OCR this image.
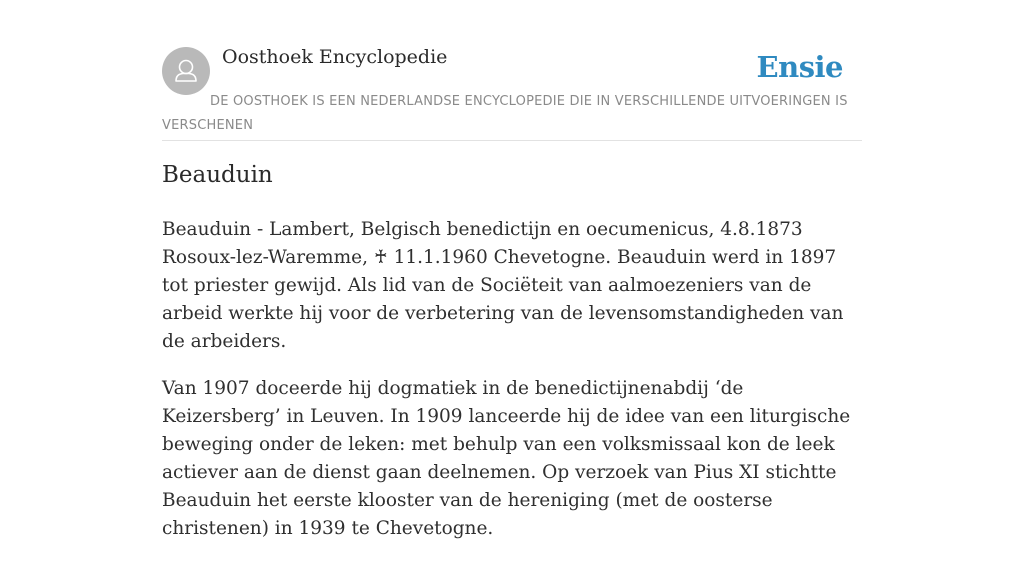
Oosthoek Encyclopedie	Ensie
DE OOSTHOEK IS EEN NEDERLANDSE ENCYCLOPEDIE DIE IN VERSCHILLENDE UITVOERINGEN IS VERSCHENEN
Beauduin

Beauduin - Lambert, Belgisch benedictijn en oecumenicus, 4.8.1873 Rosoux-lez-Waremme, ♰ 11.1.1960 Chevetogne. Beauduin werd in 1897 tot priester gewijd. Als lid van de Sociëteit van aalmoezeniers van de arbeid werkte hij voor de verbetering van de levensomstandigheden van de arbeiders.

Van 1907 doceerde hij dogmatiek in de benedictijnenabdij ‘de Keizersberg’ in Leuven. In 1909 lanceerde hij de idee van een liturgische beweging onder de leken: met behulp van een volksmissaal kon de leek actiever aan de dienst gaan deelnemen. Op verzoek van Pius XI stichtte Beauduin het eerste klooster van de hereniging (met de oosterse christenen) in 1939 te Chevetogne.
